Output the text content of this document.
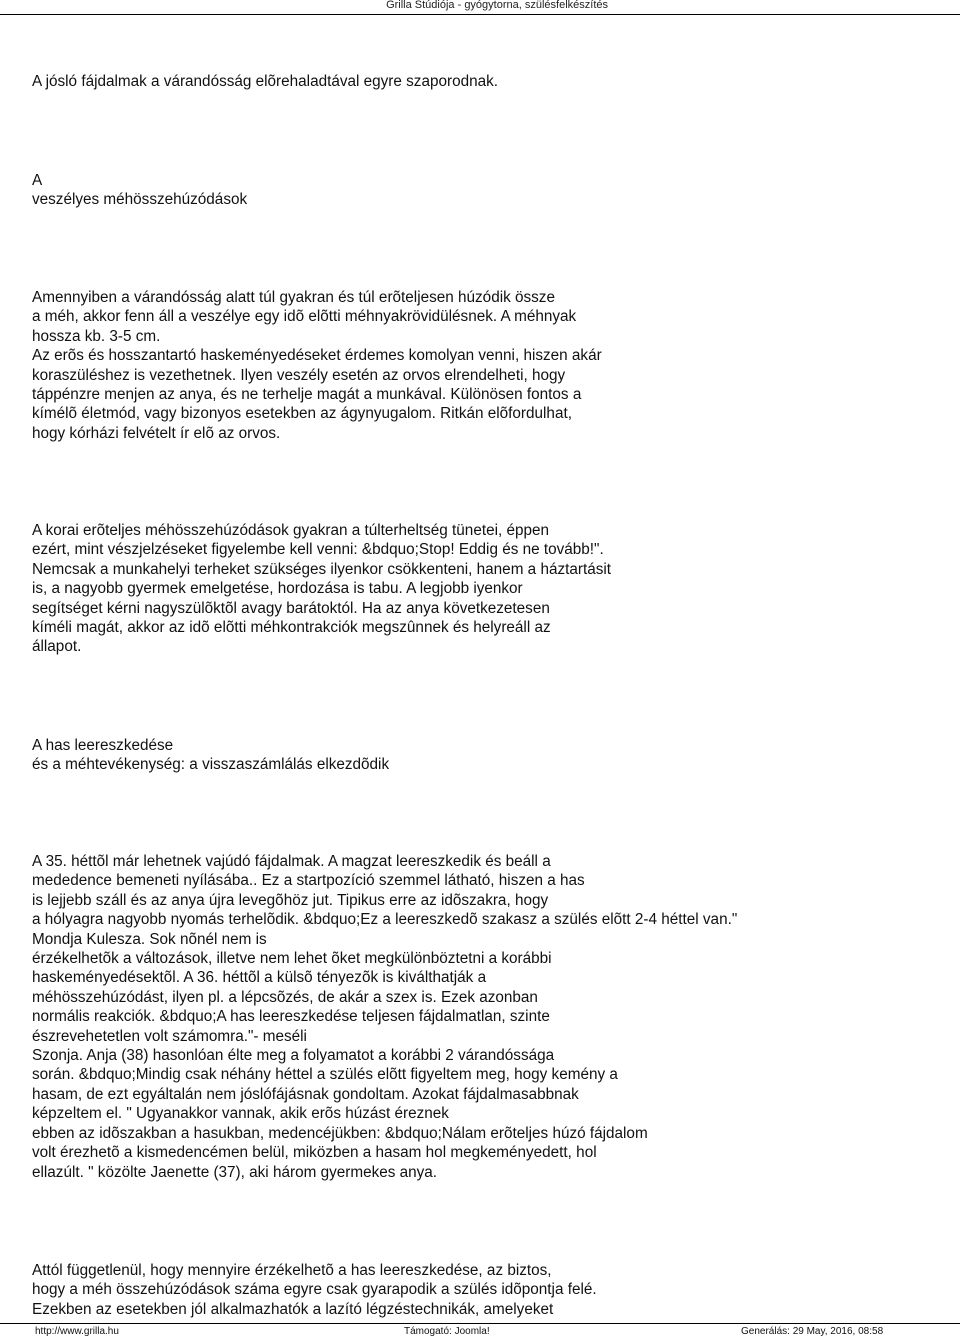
Grilla Stúdiója - gyógytorna, szülésfelkészítés
A jósló fájdalmak a várandósság elõrehaladtával egyre szaporodnak.
A
veszélyes méhösszehúzódások
Amennyiben a várandósság alatt túl gyakran és túl erõteljesen húzódik össze
a méh, akkor fenn áll a veszélye egy idõ elõtti méhnyakrövidülésnek. A méhnyak
hossza kb. 3-5 cm.
Az erõs és hosszantartó haskeményedéseket érdemes komolyan venni, hiszen akár
koraszüléshez is vezethetnek. Ilyen veszély esetén az orvos elrendelheti, hogy
táppénzre menjen az anya, és ne terhelje magát a munkával. Különösen fontos a
kímélõ életmód, vagy bizonyos esetekben az ágynyugalom. Ritkán elõfordulhat,
hogy kórházi felvételt ír elõ az orvos.
A korai erõteljes méhösszehúzódások gyakran a túlterheltség tünetei, éppen
ezért, mint vészjelzéseket figyelembe kell venni: &bdquo;Stop! Eddig és ne tovább!".
Nemcsak a munkahelyi terheket szükséges ilyenkor csökkenteni, hanem a háztartásit
is, a nagyobb gyermek emelgetése, hordozása is tabu. A legjobb iyenkor
segítséget kérni nagyszülõktõl avagy barátoktól. Ha az anya következetesen
kíméli magát, akkor az idõ elõtti méhkontrakciók megszûnnek és helyreáll az
állapot.
A has leereszkedése
és a méhtevékenység: a visszaszámlálás elkezdõdik
A 35. héttõl már lehetnek vajúdó fájdalmak. A magzat leereszkedik és beáll a
mededence bemeneti nyílásába.. Ez a startpozíció szemmel látható, hiszen a has
is lejjebb száll és az anya újra levegõhöz jut. Tipikus erre az idõszakra, hogy
a hólyagra nagyobb nyomás terhelõdik. &bdquo;Ez a leereszkedõ szakasz a szülés elõtt 2-4 héttel van."
Mondja Kulesza. Sok nõnél nem is
érzékelhetõk a változások, illetve nem lehet õket megkülönböztetni a korábbi
haskeményedésektõl. A 36. héttõl a külsõ tényezõk is kiválthatják a
méhösszehúzódást, ilyen pl. a lépcsõzés, de akár a szex is. Ezek azonban
normális reakciók. &bdquo;A has leereszkedése teljesen fájdalmatlan, szinte
észrevehetetlen volt számomra."- meséli
Szonja. Anja (38) hasonlóan élte meg a folyamatot a korábbi 2 várandóssága
során. &bdquo;Mindig csak néhány héttel a szülés elõtt figyeltem meg, hogy kemény a
hasam, de ezt egyáltalán nem jóslófájásnak gondoltam. Azokat fájdalmasabbnak
képzeltem el. " Ugyanakkor vannak, akik erõs húzást éreznek
ebben az idõszakban a hasukban, medencéjükben: &bdquo;Nálam erõteljes húzó fájdalom
volt érezhetõ a kismedencémen belül, miközben a hasam hol megkeményedett, hol
ellazúlt. " közölte Jaenette (37), aki három gyermekes anya.
Attól függetlenül, hogy mennyire érzékelhetõ a has leereszkedése, az biztos,
hogy a méh összehúzódások száma egyre csak gyarapodik a szülés idõpontja felé.
Ezekben az esetekben jól alkalmazhatók a lazító légzéstechnikák, amelyeket
http://www.grilla.hu	Támogató: Joomla!	Generálás: 29 May, 2016, 08:58
